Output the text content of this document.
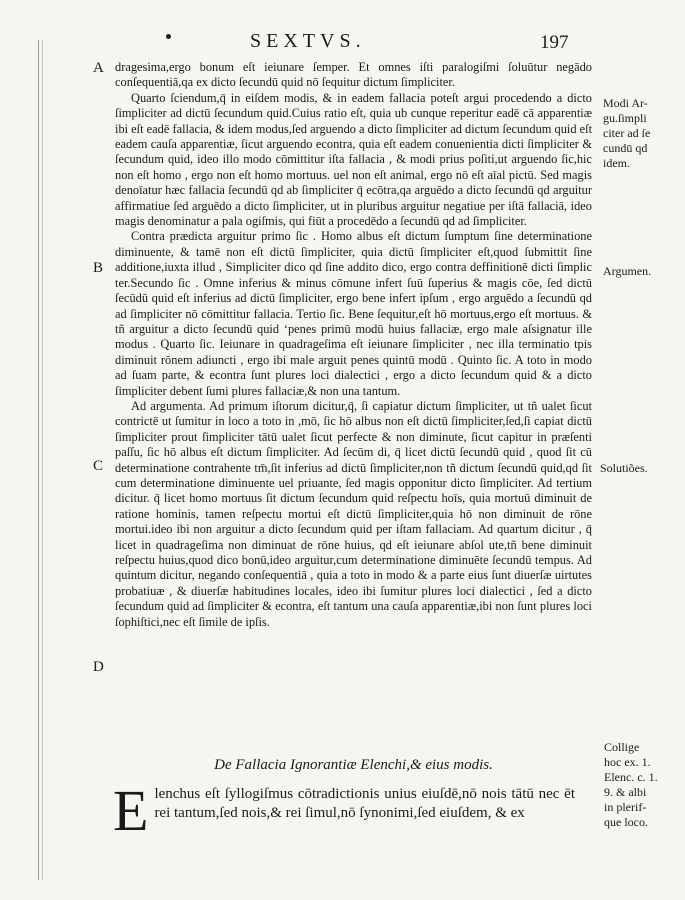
SEXTVS.	197
A
B
C
D

dragesima,ergo bonum eſt ieiunare ſemper. Et omnes iſti paralogiſmi ſoluūtur negādo conſequentiā,qa ex dicto ſecundū quid nō ſequitur dictum ſimpliciter.

Quarto ſciendum,q̄ in eiſdem modis, & in eadem fallacia poteſt argui procedendo a dicto ſimpliciter ad dictū ſecundum quid.Cuius ratio eſt, quia ub cunque reperitur eadē cā apparentiæ ibi eſt eadē fallacia, & idem modus,ſed arguendo a dicto ſimpliciter ad dictum ſecundum quid eſt eadem cauſa apparentiæ, ſicut arguendo econtra, quia eſt eadem conuenientia dicti ſimpliciter & ſecundum quid, ideo illo modo cōmittitur iſta fallacia , & modi prius poſiti,ut arguendo ſic,hic non eſt homo , ergo non eſt homo mortuus. uel non eſt animal, ergo nō eſt aīal pictū. Sed magis denoīatur hæc fallacia ſecundū qd ab ſimpliciter q̄ ecōtra,qa arguēdo a dicto ſecundū qd arguitur affirmatiue ſed arguēdo a dicto ſimpliciter, ut in pluribus arguitur negatiue per iſtā fallaciā, ideo magis denominatur a pala ogiſmis, qui fiūt a procedēdo a ſecundū qd ad ſimpliciter.

Contra prædicta arguitur primo ſic . Homo albus eſt dictum ſumptum ſine determinatione diminuente, & tamē non eſt dictū ſimpliciter, quia dictū ſimpliciter eſt,quod ſubmittit ſine additione,iuxta illud , Simpliciter dico qd ſine addito dico, ergo contra deffinitionē dicti ſimplic ter.Secundo ſic . Omne inferius & minus cōmune infert ſuū ſuperius & magis cōe, ſed dictū ſecūdū quid eſt inferius ad dictū ſimpliciter, ergo bene infert ipſum , ergo arguēdo a ſecundū qd ad ſimpliciter nō cōmittitur fallacia. Tertio ſic. Bene ſequitur,eſt hō mortuus,ergo eſt mortuus. & tñ arguitur a dicto ſecundū quid ‘penes primū modū huius fallaciæ, ergo male aſsignatur ille modus . Quarto ſic. Ieiunare in quadrageſima eſt ieiunare ſimpliciter , nec illa terminatio tpis diminuit rōnem adiuncti , ergo ibi male arguit penes quintū modū . Quinto ſic. A toto in modo ad ſuam parte, & econtra ſunt plures loci dialectici , ergo a dicto ſecundum quid & a dicto ſimpliciter debent ſumi plures fallaciæ,& non una tantum.

Ad argumenta. Ad primum iſtorum dicitur,q̄, ſi capiatur dictum ſimpliciter, ut tñ ualet ſicut contrictē ut ſumitur in loco a toto in ,mō, ſic hō albus non eſt dictū ſimpliciter,ſed,ſi capiat dictū ſimpliciter prout ſimpliciter tātū ualet ſicut perfecte & non diminute, ſicut capitur in præſenti paſſu, ſic hō albus eſt dictum ſimpliciter. Ad ſecūm di, q̄ licet dictū ſecundū quid , quod ſit cū determinatione contrahente tm̄,ſit inferius ad dictū ſimpliciter,non tñ dictum ſecundū quid,qd ſit cum determinatione diminuente uel priuante, ſed magis opponitur dicto ſimpliciter. Ad tertium dicitur. q̄ licet homo mortuus ſit dictum ſecundum quid reſpectu hoīs, quia mortuū diminuit de ratione hominis, tamen reſpectu mortui eſt dictū ſimpliciter,quia hō non diminuit de rōne mortui.ideo ibi non arguitur a dicto ſecundum quid per iſtam fallaciam. Ad quartum dicitur , q̄ licet in quadrageſima non diminuat de rōne huius, qd eſt ieiunare abſol ute,tñ bene diminuit reſpectu huius,quod dico bonū,ideo arguitur,cum determinatione diminuēte ſecundū tempus. Ad quintum dicitur, negando conſequentiā , quia a toto in modo & a parte eius ſunt diuerſæ uirtutes probatiuæ , & diuerſæ habitudines locales, ideo ibi ſumitur plures loci dialectici , ſed a dicto ſecundum quid ad ſimpliciter & econtra, eſt tantum una cauſa apparentiæ,ibi non ſunt plures loci ſophiſtici,nec eſt ſimile de ipſis.

Modi Ar-
gu.ſimpli
citer ad ſe
cundū qd
idem.
Argumen.
Solutiões.
Collige
hoc ex. 1.
Elenc. c. 1.
9. & albi
in plerif-
que loco.
De Fallacia Ignorantiæ Elenchi,& eius modis.
E lenchus eſt ſyllogiſmus cōtradictionis unius eiuſdē,nō nois tātū nec ēt rei tantum,ſed nois,& rei ſimul,nō ſynonimi,ſed eiuſdem, & ex
